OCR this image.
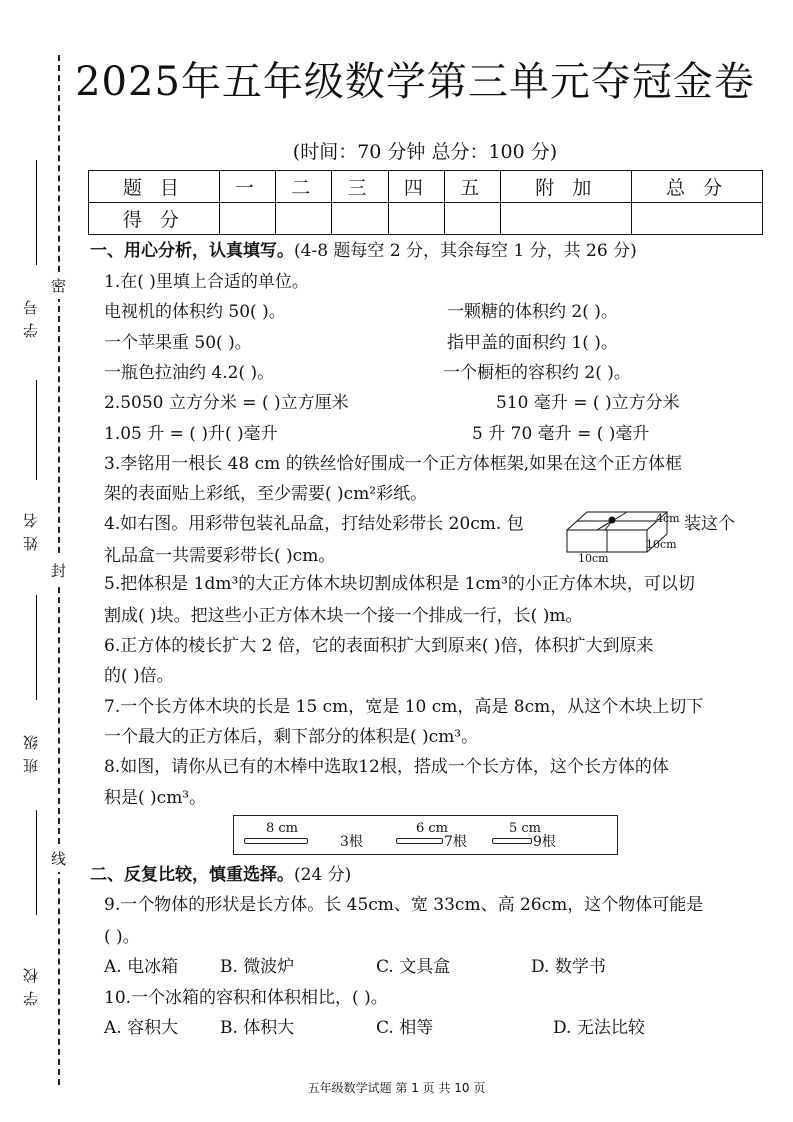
学号
姓名
班级
学校
密
封
线
2025年五年级数学第三单元夺冠金卷
(时间：70 分钟 总分：100 分)
题 目	一	二	三	四	五	附 加	总 分
得 分							
一、用心分析，认真填写。(4-8 题每空 2 分，其余每空 1 分，共 26 分)
1.在( )里填上合适的单位。
电视机的体积约 50( )。	一颗糖的体积约 2( )。
一个苹果重 50( )。	指甲盖的面积约 1( )。
一瓶色拉油约 4.2( )。	一个橱柜的容积约 2( )。
2.5050 立方分米 = ( )立方厘米	510 毫升 = ( )立方分米
1.05 升 = ( )升( )毫升	5 升 70 毫升 = ( )毫升
3.李铭用一根长 48 cm 的铁丝恰好围成一个正方体框架,如果在这个正方体框
架的表面贴上彩纸，至少需要( )cm²彩纸。
4.如右图。用彩带包装礼品盒，打结处彩带长 20cm. 包	装这个
礼品盒一共需要彩带长( )cm。
4cm
10cm
10cm
5.把体积是 1dm³的大正方体木块切割成体积是 1cm³的小正方体木块，可以切
割成( )块。把这些小正方体木块一个接一个排成一行，长( )m。
6.正方体的棱长扩大 2 倍，它的表面积扩大到原来( )倍，体积扩大到原来
的( )倍。
7.一个长方体木块的长是 15 cm，宽是 10 cm，高是 8cm，从这个木块上切下
一个最大的正方体后，剩下部分的体积是( )cm³。
8.如图，请你从已有的木棒中选取12根，搭成一个长方体，这个长方体的体
积是( )cm³。
8 cm
3根
6 cm
7根
5 cm
9根
二、反复比较，慎重选择。(24 分)
9.一个物体的形状是长方体。长 45cm、宽 33cm、高 26cm，这个物体可能是
( )。
A. 电冰箱 B. 微波炉	C. 文具盒	D. 数学书
10.一个冰箱的容积和体积相比，( )。
A. 容积大 B. 体积大	C. 相等	D. 无法比较
五年级数学试题 第 1 页 共 10 页
